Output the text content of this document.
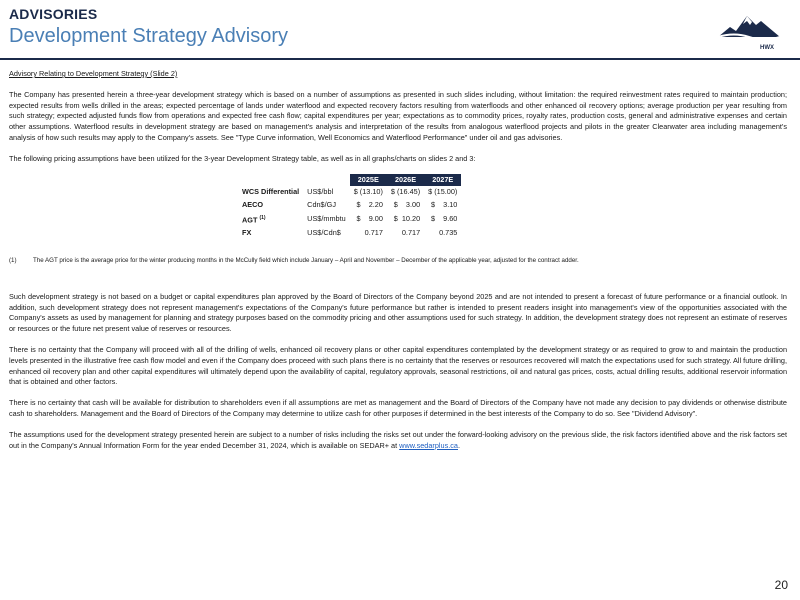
ADVISORIES
Development Strategy Advisory
HWX

Advisory Relating to Development Strategy (Slide 2)

The Company has presented herein a three-year development strategy which is based on a number of assumptions as presented in such slides including, without limitation: the required reinvestment rates required to maintain production; expected results from wells drilled in the areas; expected percentage of lands under waterflood and expected recovery factors resulting from waterfloods and other enhanced oil recovery options; average production per year resulting from such strategy; expected adjusted funds flow from operations and expected free cash flow; capital expenditures per year; expectations as to commodity prices, royalty rates, production costs, general and administrative expenses and certain other assumptions. Waterflood results in development strategy are based on management's analysis and interpretation of the results from analogous waterflood projects and pilots in the greater Clearwater area including management's analysis of how such results may apply to the Company's assets. See "Type Curve information, Well Economics and Waterflood Performance" under oil and gas advisories.

The following pricing assumptions have been utilized for the 3-year Development Strategy table, as well as in all graphs/charts on slides 2 and 3:

		2025E	2026E	2027E
WCS Differential	US$/bbl	$ (13.10)	$ (16.45)	$ (15.00)
AECO	Cdn$/GJ	$    2.20	$    3.00	$    3.10
AGT $^{(1)}$	US$/mmbtu	$    9.00	$  10.20	$    9.60
FX	US$/Cdn$	0.717	0.717	0.735
(1)	The AGT price is the average price for the winter producing months in the McCully field which include January – April and November – December of the applicable year, adjusted for the contract adder.

Such development strategy is not based on a budget or capital expenditures plan approved by the Board of Directors of the Company beyond 2025 and are not intended to present a forecast of future performance or a financial outlook. In addition, such development strategy does not represent management's expectations of the Company's future performance but rather is intended to present readers insight into management's view of the opportunities associated with the Company's assets as used by management for planning and strategy purposes based on the commodity pricing and other assumptions used for such strategy. In addition, the development strategy does not represent an estimate of reserves or resources or the future net present value of reserves or resources.

There is no certainty that the Company will proceed with all of the drilling of wells, enhanced oil recovery plans or other capital expenditures contemplated by the development strategy or as required to grow to and maintain the production levels presented in the illustrative free cash flow model and even if the Company does proceed with such plans there is no certainty that the reserves or resources recovered will match the expectations used for such strategy. All future drilling, enhanced oil recovery plan and other capital expenditures will ultimately depend upon the availability of capital, regulatory approvals, seasonal restrictions, oil and natural gas prices, costs, actual drilling results, additional reservoir information that is obtained and other factors.

There is no certainty that cash will be available for distribution to shareholders even if all assumptions are met as management and the Board of Directors of the Company have not made any decision to pay dividends or otherwise distribute cash to shareholders. Management and the Board of Directors of the Company may determine to utilize cash for other purposes if determined in the best interests of the Company to do so. See "Dividend Advisory".

The assumptions used for the development strategy presented herein are subject to a number of risks including the risks set out under the forward-looking advisory on the previous slide, the risk factors identified above and the risk factors set out in the Company's Annual Information Form for the year ended December 31, 2024, which is available on SEDAR+ at www.sedarplus.ca.

20
